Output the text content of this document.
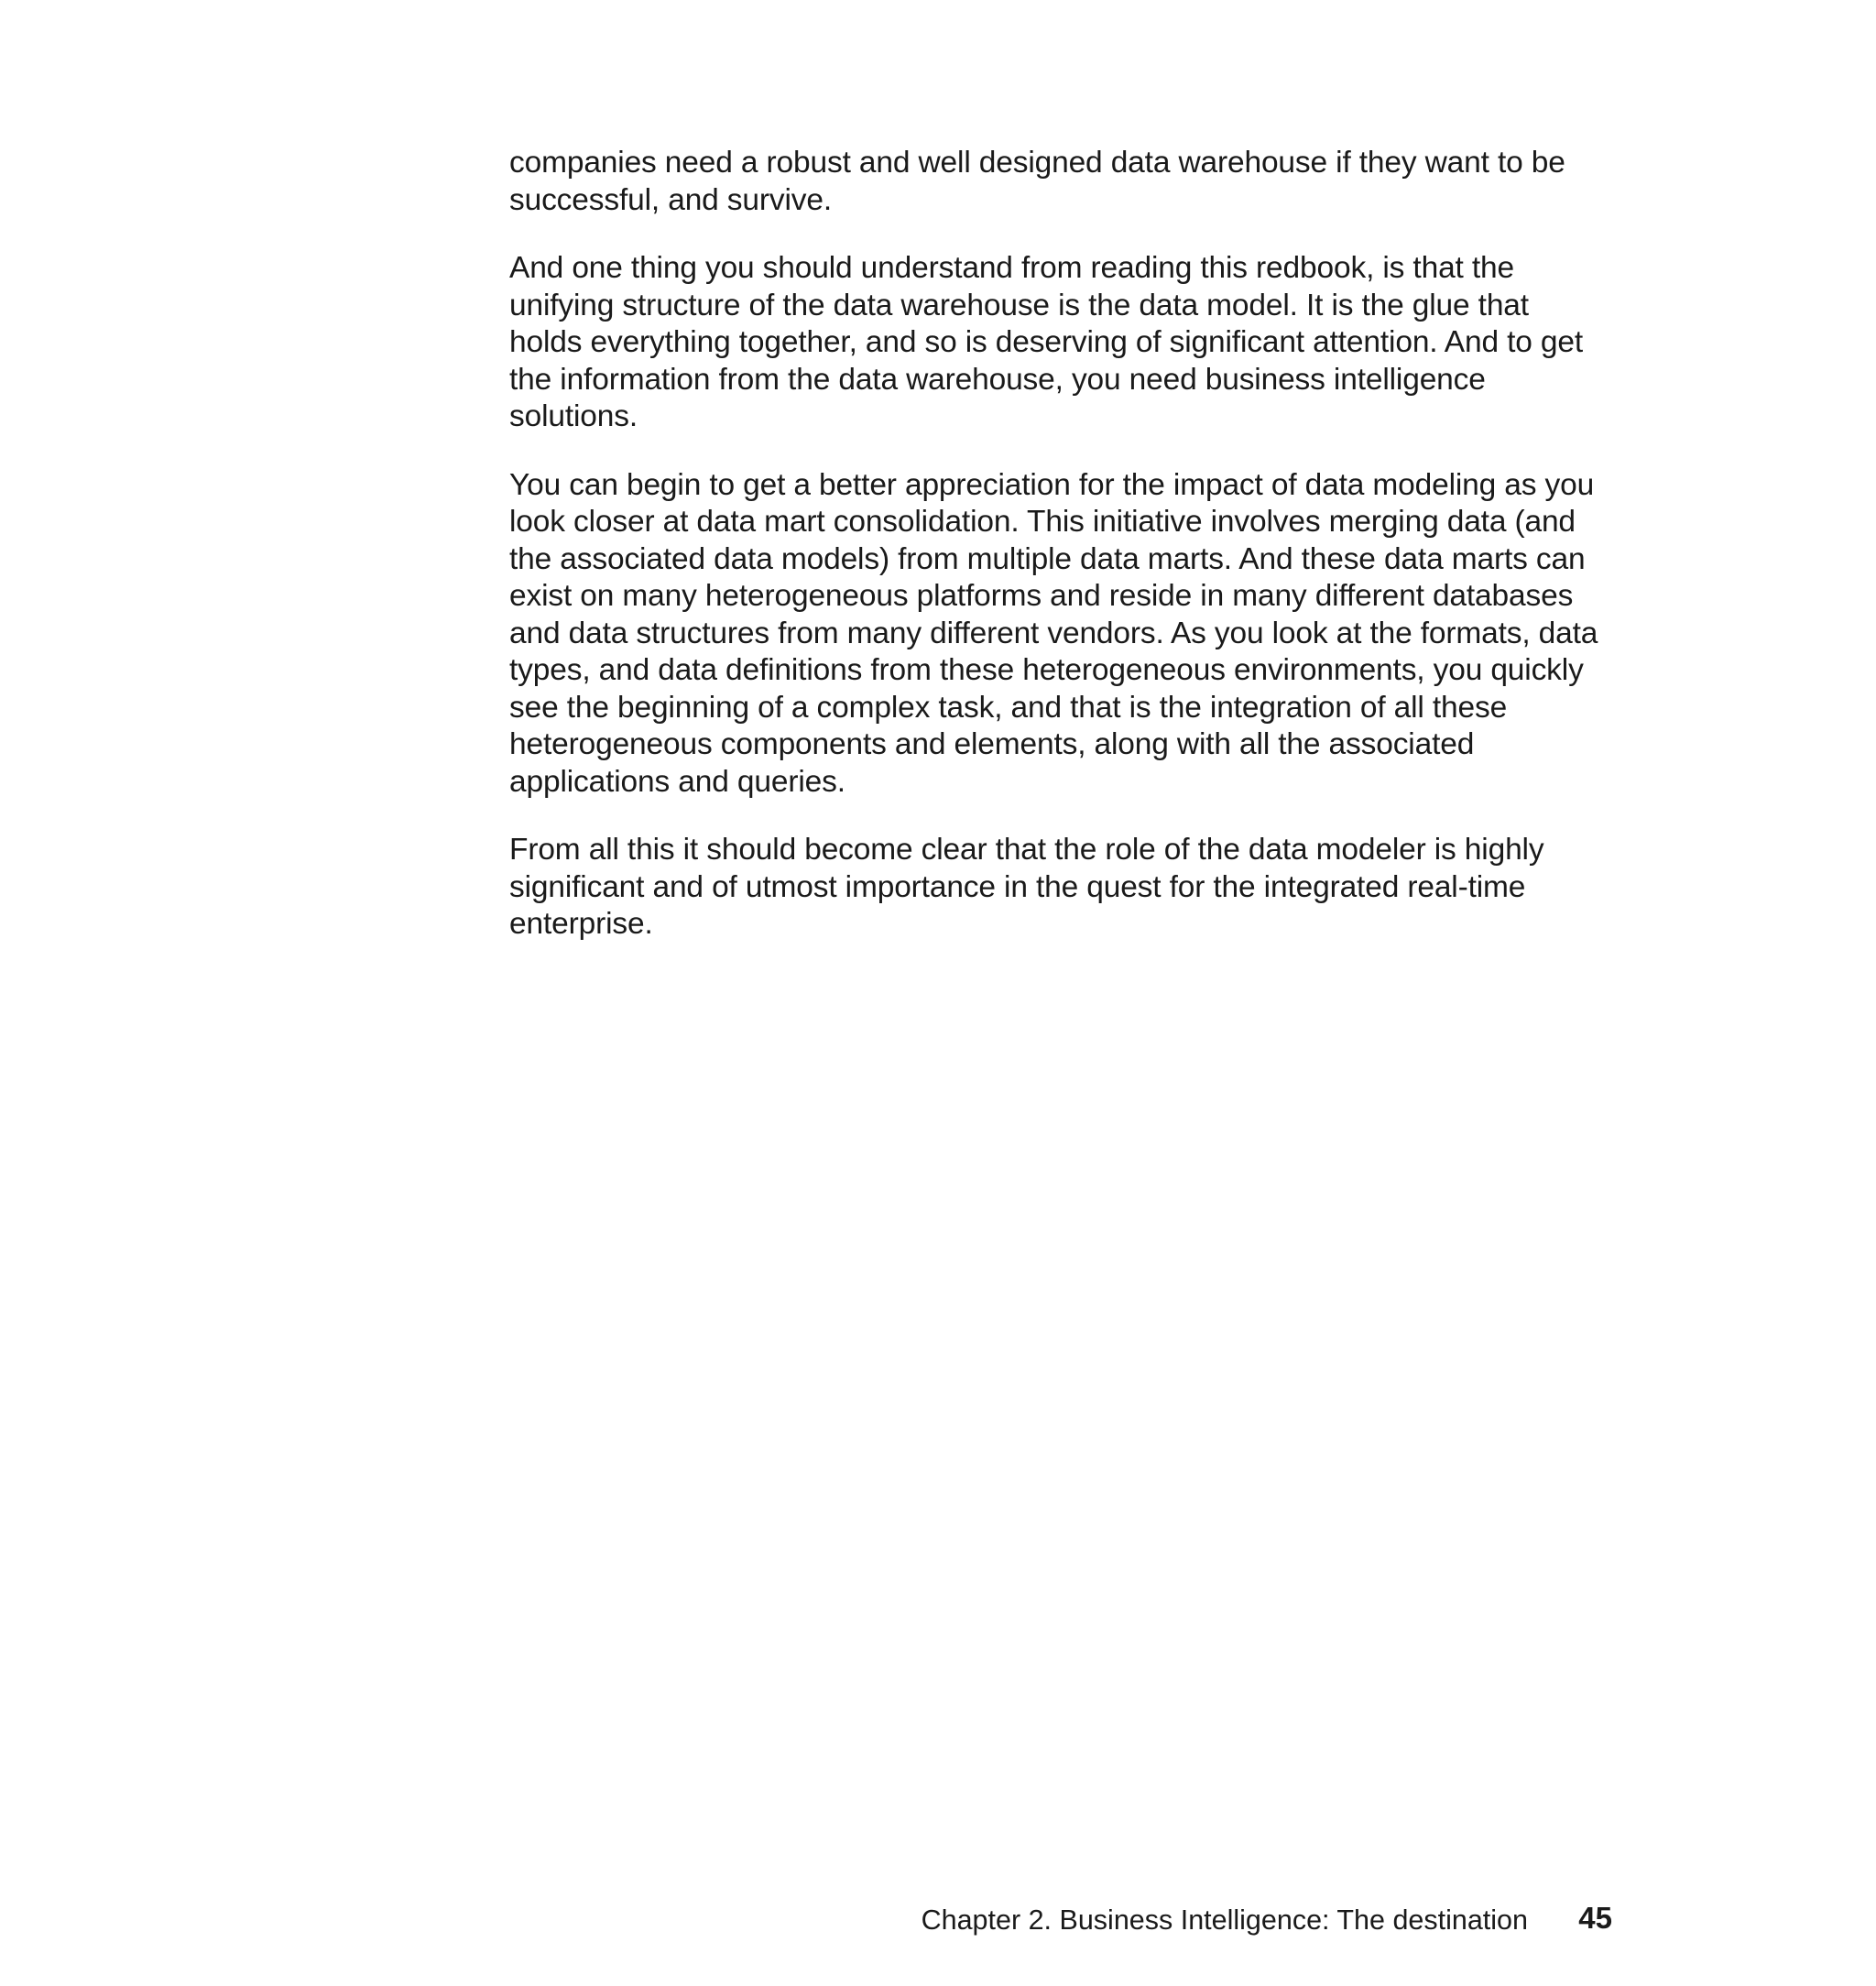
companies need a robust and well designed data warehouse if they want to be successful, and survive.

And one thing you should understand from reading this redbook, is that the unifying structure of the data warehouse is the data model. It is the glue that holds everything together, and so is deserving of significant attention. And to get the information from the data warehouse, you need business intelligence solutions.

You can begin to get a better appreciation for the impact of data modeling as you look closer at data mart consolidation. This initiative involves merging data (and the associated data models) from multiple data marts. And these data marts can exist on many heterogeneous platforms and reside in many different databases and data structures from many different vendors. As you look at the formats, data types, and data definitions from these heterogeneous environments, you quickly see the beginning of a complex task, and that is the integration of all these heterogeneous components and elements, along with all the associated applications and queries.

From all this it should become clear that the role of the data modeler is highly significant and of utmost importance in the quest for the integrated real-time enterprise.

Chapter 2. Business Intelligence: The destination 45
